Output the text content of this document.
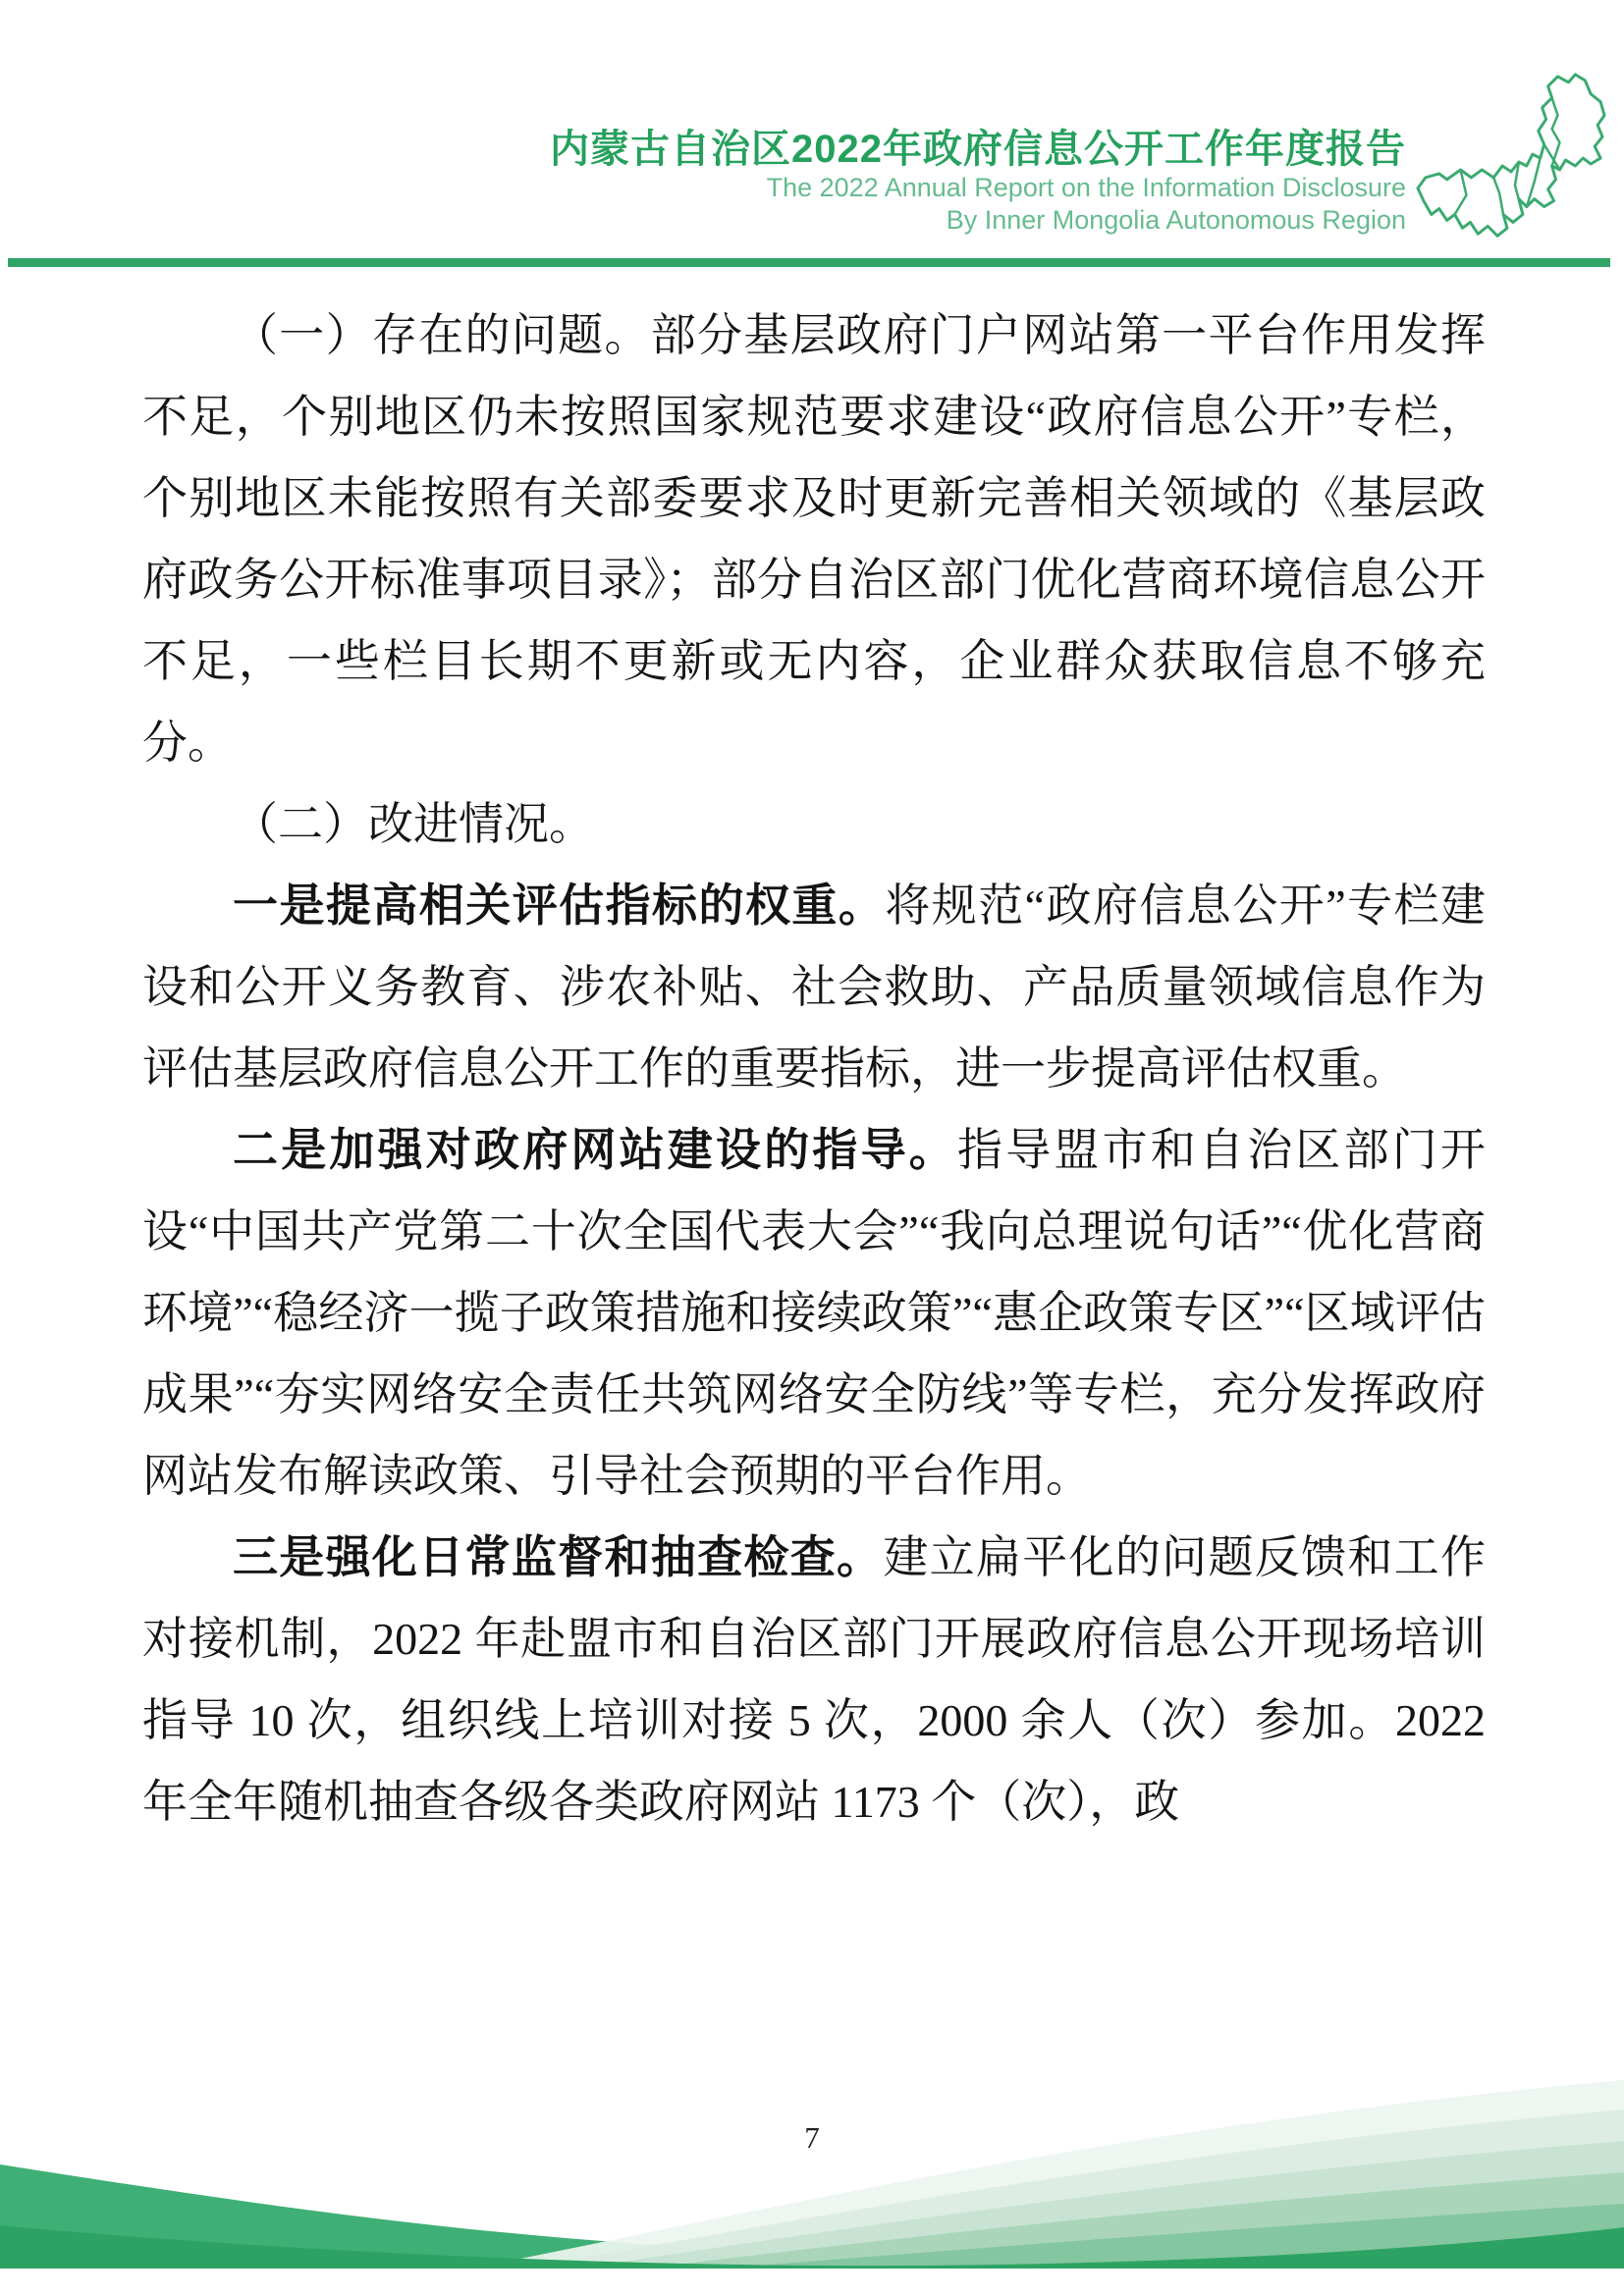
内蒙古自治区2022年政府信息公开工作年度报告
The 2022 Annual Report on the Information Disclosure
By Inner Mongolia Autonomous Region

（一）存在的问题。部分基层政府门户网站第一平台作用发挥不足，个别地区仍未按照国家规范要求建设“政府信息公开”专栏，个别地区未能按照有关部委要求及时更新完善相关领域的《基层政府政务公开标准事项目录》；部分自治区部门优化营商环境信息公开不足，一些栏目长期不更新或无内容，企业群众获取信息不够充分。

（二）改进情况。

一是提高相关评估指标的权重。将规范“政府信息公开”专栏建设和公开义务教育、涉农补贴、社会救助、产品质量领域信息作为评估基层政府信息公开工作的重要指标，进一步提高评估权重。

二是加强对政府网站建设的指导。指导盟市和自治区部门开设“中国共产党第二十次全国代表大会”“我向总理说句话”“优化营商环境”“稳经济一揽子政策措施和接续政策”“惠企政策专区”“区域评估成果”“夯实网络安全责任共筑网络安全防线”等专栏，充分发挥政府网站发布解读政策、引导社会预期的平台作用。

三是强化日常监督和抽查检查。建立扁平化的问题反馈和工作对接机制，2022 年赴盟市和自治区部门开展政府信息公开现场培训指导 10 次，组织线上培训对接 5 次，2000 余人（次）参加。2022 年全年随机抽查各级各类政府网站 1173 个（次），政

7
